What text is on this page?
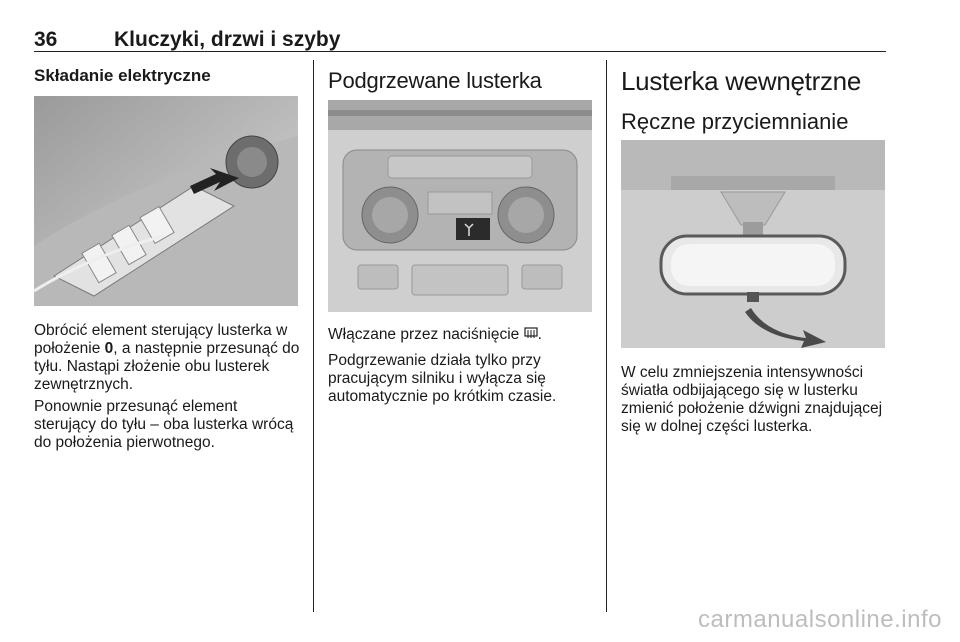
36	Kluczyki, drzwi i szyby
Składanie elektryczne

Obrócić element sterujący lusterka w położenie 0, a następnie przesunąć do tyłu. Nastąpi złożenie obu lusterek zewnętrznych.

Ponownie przesunąć element sterujący do tyłu – oba lusterka wrócą do położenia pierwotnego.

Podgrzewane lusterka

Włączane przez naciśnięcie .

Podgrzewanie działa tylko przy pracującym silniku i wyłącza się automatycznie po krótkim czasie.

Lusterka wewnętrzne
Ręczne przyciemnianie

W celu zmniejszenia intensywności światła odbijającego się w lusterku zmienić położenie dźwigni znajdującej się w dolnej części lusterka.

carmanualsonline.info
